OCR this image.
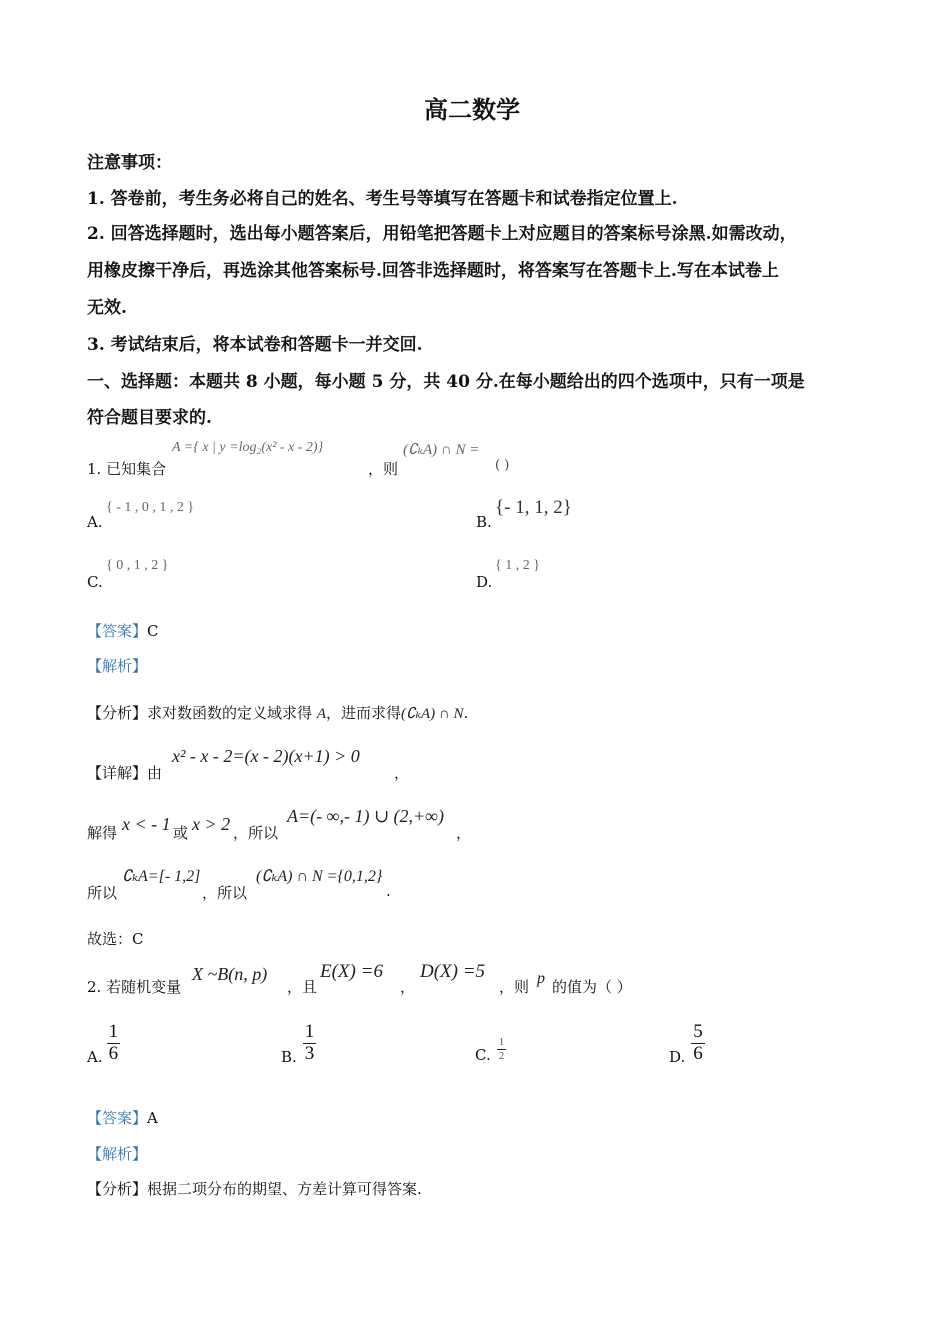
高二数学
注意事项：
1. 答卷前，考生务必将自己的姓名、考生号等填写在答题卡和试卷指定位置上.
2. 回答选择题时，选出每小题答案后，用铅笔把答题卡上对应题目的答案标号涂黑.如需改动，
用橡皮擦干净后，再选涂其他答案标号.回答非选择题时，将答案写在答题卡上.写在本试卷上
无效.
3. 考试结束后，将本试卷和答题卡一并交回.
一、选择题：本题共 8 小题，每小题 5 分，共 40 分.在每小题给出的四个选项中，只有一项是
符合题目要求的.
1. 已知集合
A ={ x | y =log₂(x² - x - 2)}
，则
(∁ₖA) ∩ N =
( )
A.
{ - 1 , 0 , 1 , 2 }
B.
{- 1, 1, 2}
C.
{ 0 , 1 , 2 }
D.
{ 1 , 2 }
【答案】C
【解析】
【分析】求对数函数的定义域求得 A，进而求得(∁ₖA) ∩ N.
【详解】由
x² - x - 2=(x - 2)(x+1) > 0
，
解得 x < - 1 或 x > 2 ，所以
A=(- ∞,- 1) ∪ (2,+∞)
，
所以
∁ₖA=[- 1,2]
，所以
(∁ₖA) ∩ N ={0,1,2}
.
故选：C
2. 若随机变量
X ~B(n, p)
，且
E(X) =6
，
D(X) =5
，则 p 的值为（ ）
A. $\frac{1}{6}$	B. $\frac{1}{3}$	C. $\frac{1}{2}$	D. $\frac{5}{6}$
【答案】A
【解析】
【分析】根据二项分布的期望、方差计算可得答案.
